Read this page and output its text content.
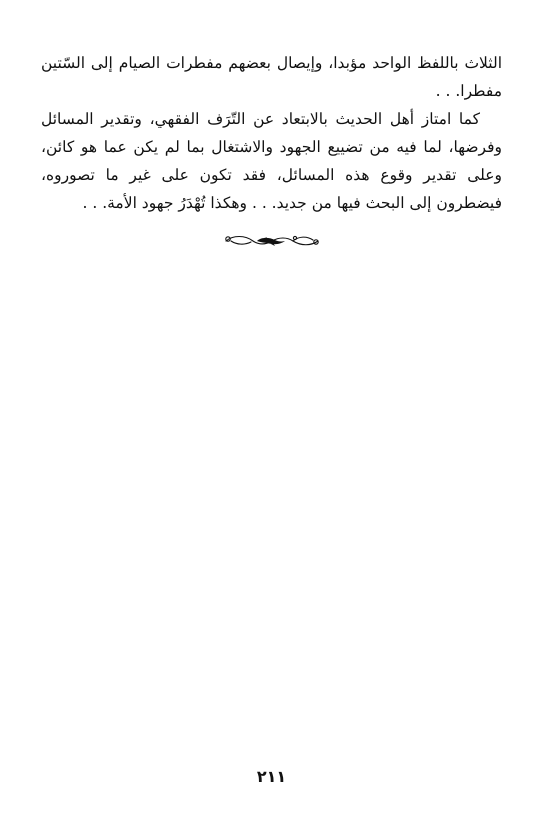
الثلاث باللفظ الواحد مؤبدا، وإيصال بعضهم مفطرات الصيام إلى السّتين مفطرا. . .

كما امتاز أهل الحديث بالابتعاد عن التّرَف الفقهي، وتقدير المسائل وفرضها، لما فيه من تضييع الجهود والاشتغال بما لم يكن عما هو كائن، وعلى تقدير وقوع هذه المسائل، فقد تكون على غير ما تصوروه، فيضطرون إلى البحث فيها من جديد. . . وهكذا تُهْدَرُ جهود الأمة. . .

٢١١
